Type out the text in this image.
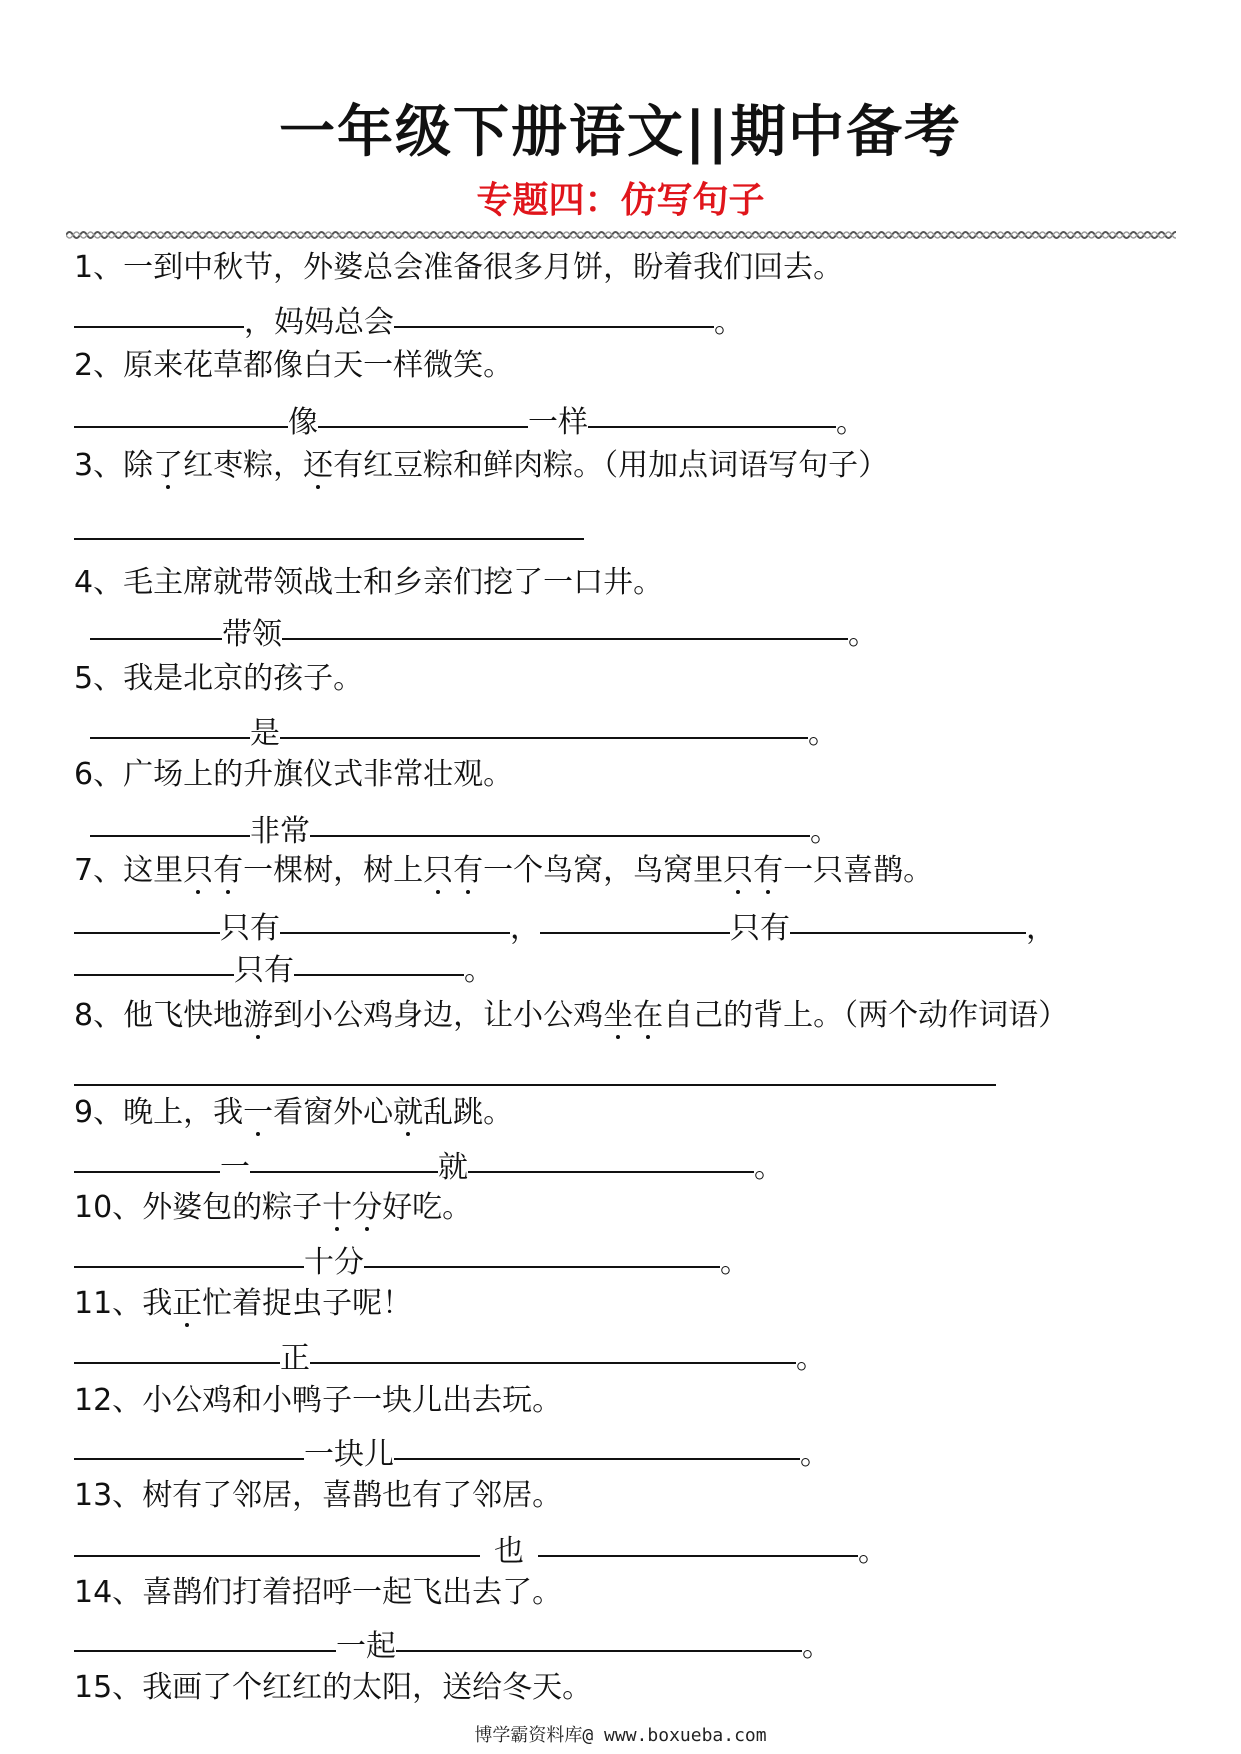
一年级下册语文||期中备考
专题四：仿写句子
1、一到中秋节，外婆总会准备很多月饼，盼着我们回去。
，妈妈总会	。
2、原来花草都像白天一样微笑。
像	一样	。
3、除了红枣粽，还有红豆粽和鲜肉粽。（用加点词语写句子）
4、毛主席就带领战士和乡亲们挖了一口井。
带领	。
5、我是北京的孩子。
是	。
6、广场上的升旗仪式非常壮观。
非常	。
7、这里只有一棵树，树上只有一个鸟窝，鸟窝里只有一只喜鹊。
只有	，	只有	，
只有	。
8、他飞快地游到小公鸡身边，让小公鸡坐在自己的背上。（两个动作词语）
9、晚上，我一看窗外心就乱跳。
一	就	。
10、外婆包的粽子十分好吃。
十分	。
11、我正忙着捉虫子呢！
正	。
12、小公鸡和小鸭子一块儿出去玩。
一块儿	。
13、树有了邻居，喜鹊也有了邻居。
也	。
14、喜鹊们打着招呼一起飞出去了。
一起	。
15、我画了个红红的太阳，送给冬天。
博学霸资料库@ www.boxueba.com
